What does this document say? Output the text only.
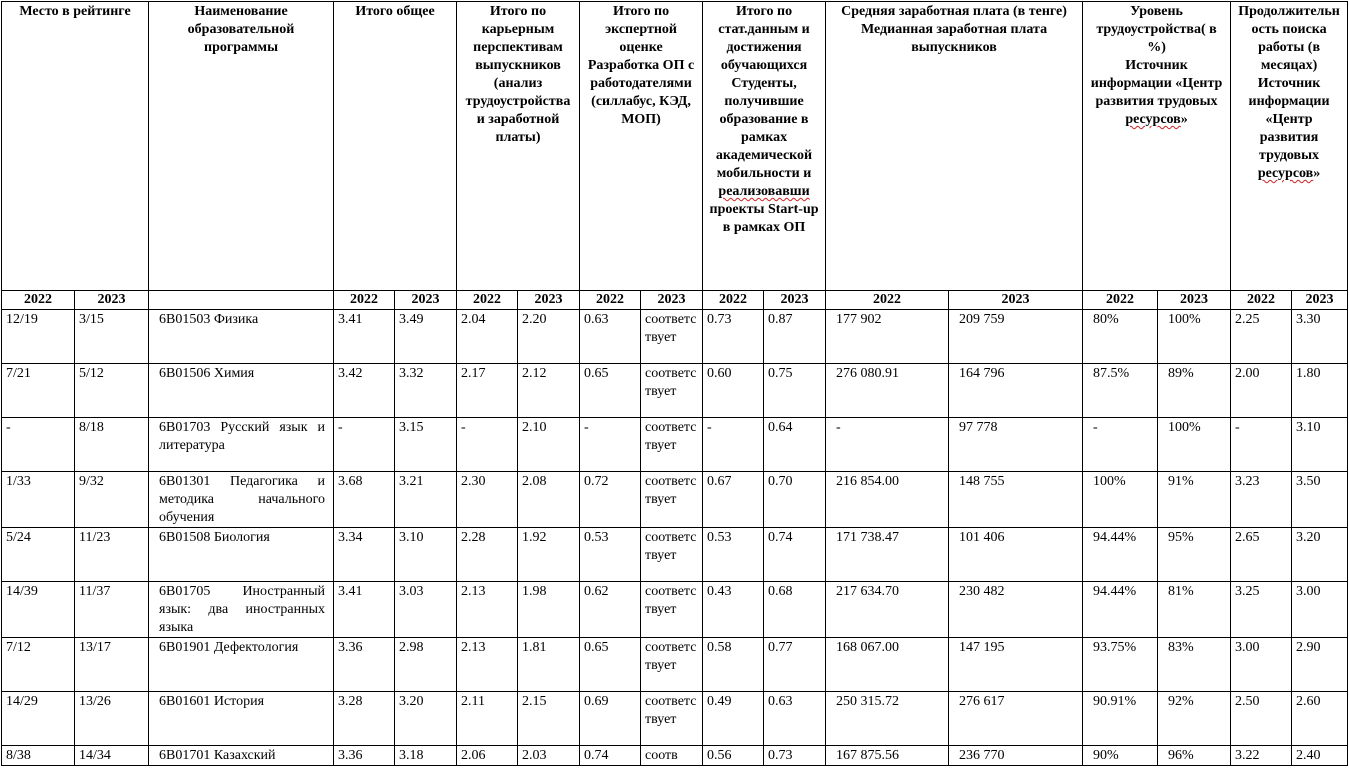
Место в рейтинге		Наименование образовательной программы	Итого общее		Итого по карьерным перспективам выпускников (анализ трудоустройства и заработной платы)		Итого по экспертной оценке Разработка ОП с работодателями (силлабус, КЭД, МОП)		Итого по стат.данным и достижения обучающихся Студенты, получившие образование в рамках академической мобильности и реализовавши проекты Start-up в рамках ОП		Средняя заработная плата (в тенге)
Медианная заработная плата выпускников		Уровень трудоустройства( в %)
Источник информации «Центр развития трудовых ресурсов»		Продолжительность поиска работы (в месяцах) Источник информации «Центр развития трудовых ресурсов»	
2022	2023		2022	2023	2022	2023	2022	2023	2022	2023	2022	2023	2022	2023	2022	2023
12/19	3/15	6В01503 Физика	3.41	3.49	2.04	2.20	0.63	соответствует	0.73	0.87	177 902	209 759	80%	100%	2.25	3.30
7/21	5/12	6В01506 Химия	3.42	3.32	2.17	2.12	0.65	соответствует	0.60	0.75	276 080.91	164 796	87.5%	89%	2.00	1.80
-	8/18	6В01703 Русский язык и литература	-	3.15	-	2.10	-	соответствует	-	0.64	-	97 778	-	100%	-	3.10
1/33	9/32	6В01301 Педагогика и методика начального обучения	3.68	3.21	2.30	2.08	0.72	соответствует	0.67	0.70	216 854.00	148 755	100%	91%	3.23	3.50
5/24	11/23	6В01508 Биология	3.34	3.10	2.28	1.92	0.53	соответствует	0.53	0.74	171 738.47	101 406	94.44%	95%	2.65	3.20
14/39	11/37	6В01705 Иностранный язык: два иностранных языка	3.41	3.03	2.13	1.98	0.62	соответствует	0.43	0.68	217 634.70	230 482	94.44%	81%	3.25	3.00
7/12	13/17	6В01901 Дефектология	3.36	2.98	2.13	1.81	0.65	соответствует	0.58	0.77	168 067.00	147 195	93.75%	83%	3.00	2.90
14/29	13/26	6В01601 История	3.28	3.20	2.11	2.15	0.69	соответствует	0.49	0.63	250 315.72	276 617	90.91%	92%	2.50	2.60
8/38	14/34	6В01701 Казахский	3.36	3.18	2.06	2.03	0.74	соотв	0.56	0.73	167 875.56	236 770	90%	96%	3.22	2.40
